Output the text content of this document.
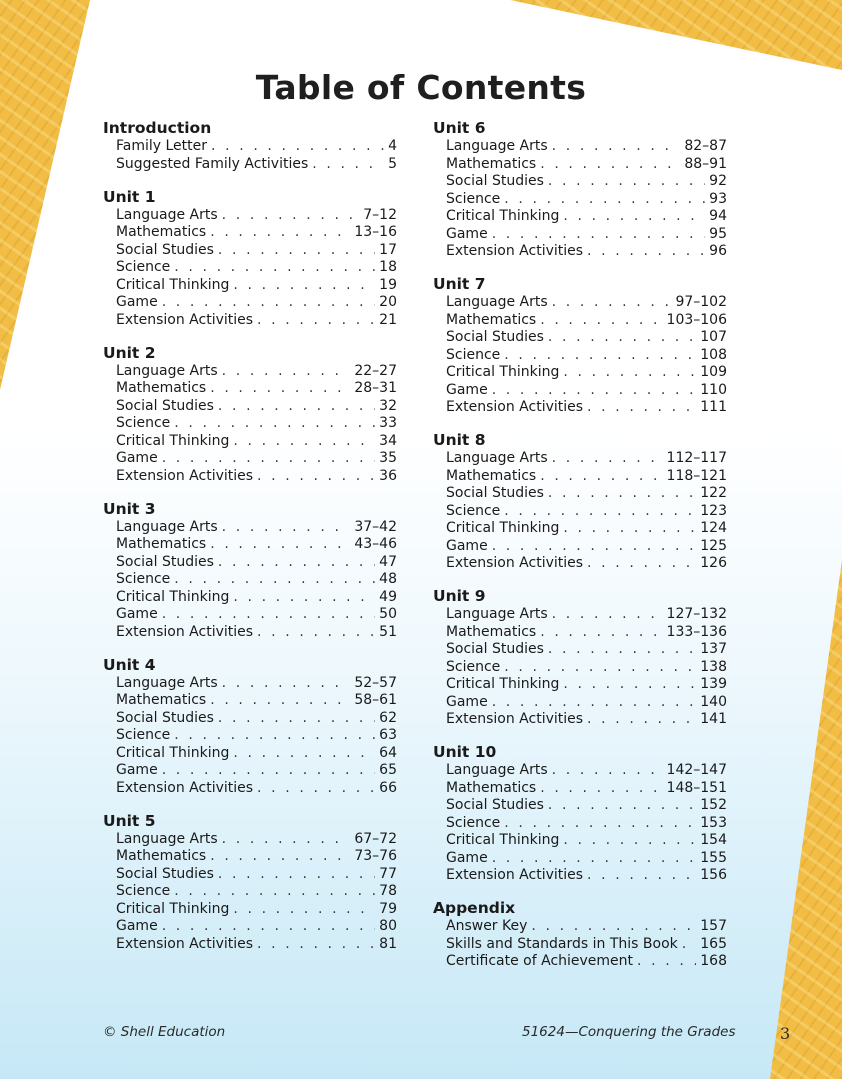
Table of Contents
Introduction
Family Letter . . .	4
Suggested Family Activities . . .	5
Unit 1
Language Arts . . .	7–12
Mathematics . . .	13–16
Social Studies . . .	17
Science . . .	18
Critical Thinking . . .	19
Game . . .	20
Extension Activities . . .	21
Unit 2
Language Arts . . .	22–27
Mathematics . . .	28–31
Social Studies . . .	32
Science . . .	33
Critical Thinking . . .	34
Game . . .	35
Extension Activities . . .	36
Unit 3
Language Arts . . .	37–42
Mathematics . . .	43–46
Social Studies . . .	47
Science . . .	48
Critical Thinking . . .	49
Game . . .	50
Extension Activities . . .	51
Unit 4
Language Arts . . .	52–57
Mathematics . . .	58–61
Social Studies . . .	62
Science . . .	63
Critical Thinking . . .	64
Game . . .	65
Extension Activities . . .	66
Unit 5
Language Arts . . .	67–72
Mathematics . . .	73–76
Social Studies . . .	77
Science . . .	78
Critical Thinking . . .	79
Game . . .	80
Extension Activities . . .	81
Unit 6
Language Arts . . .	82–87
Mathematics . . .	88–91
Social Studies . . .	92
Science . . .	93
Critical Thinking . . .	94
Game . . .	95
Extension Activities . . .	96
Unit 7
Language Arts . . .	97–102
Mathematics . . .	103–106
Social Studies . . .	107
Science . . .	108
Critical Thinking . . .	109
Game . . .	110
Extension Activities . . .	111
Unit 8
Language Arts . . .	112–117
Mathematics . . .	118–121
Social Studies . . .	122
Science . . .	123
Critical Thinking . . .	124
Game . . .	125
Extension Activities . . .	126
Unit 9
Language Arts . . .	127–132
Mathematics . . .	133–136
Social Studies . . .	137
Science . . .	138
Critical Thinking . . .	139
Game . . .	140
Extension Activities . . .	141
Unit 10
Language Arts . . .	142–147
Mathematics . . .	148–151
Social Studies . . .	152
Science . . .	153
Critical Thinking . . .	154
Game . . .	155
Extension Activities . . .	156
Appendix
Answer Key . . .	157
Skills and Standards in This Book . . . 165
Certificate of Achievement . . .	168
© Shell Education	51624—Conquering the Grades	3
